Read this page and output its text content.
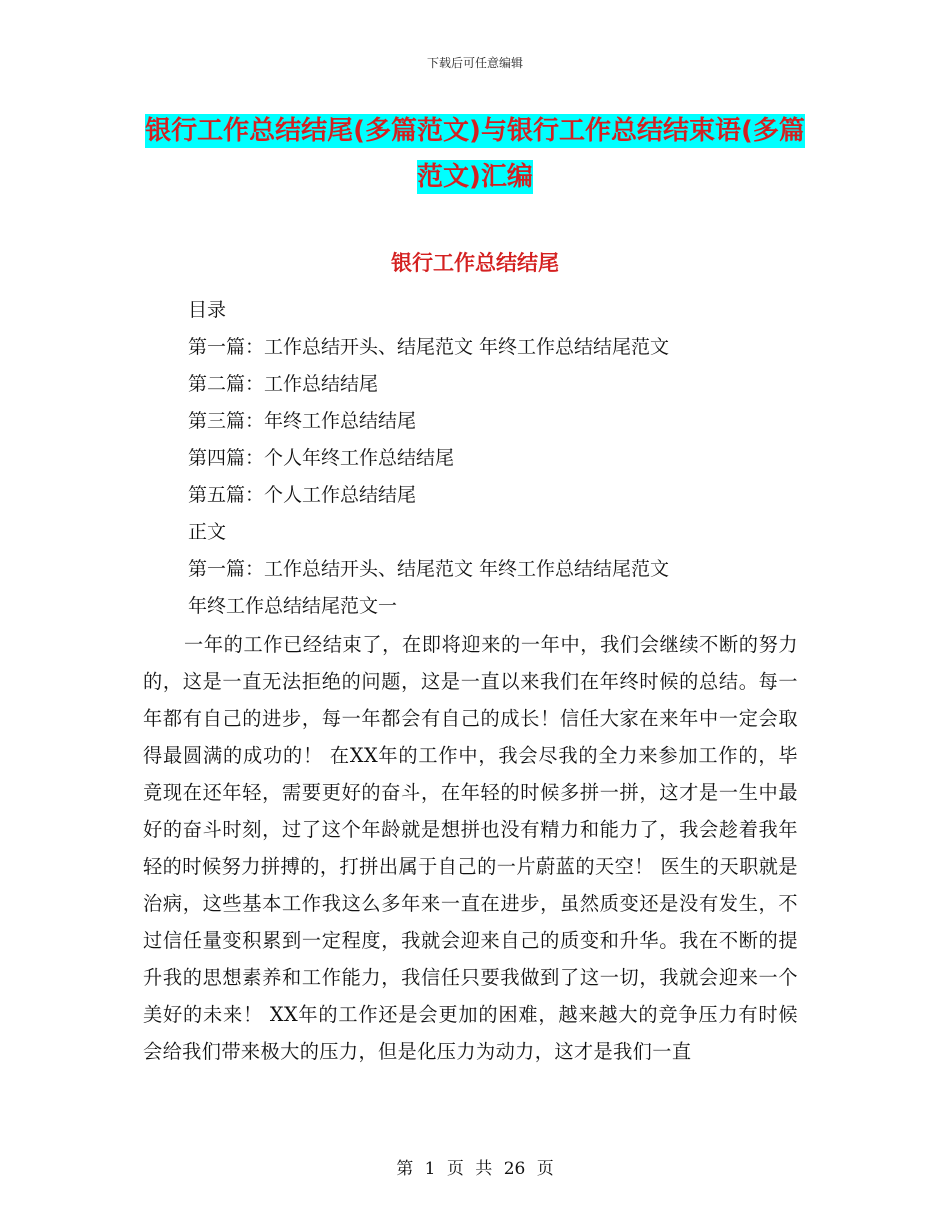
下载后可任意编辑
银行工作总结结尾(多篇范文)与银行工作总结结束语(多篇范文)汇编
银行工作总结结尾
目录
第一篇：工作总结开头、结尾范文 年终工作总结结尾范文
第二篇：工作总结结尾
第三篇：年终工作总结结尾
第四篇：个人年终工作总结结尾
第五篇：个人工作总结结尾
正文
第一篇：工作总结开头、结尾范文 年终工作总结结尾范文
年终工作总结结尾范文一

一年的工作已经结束了，在即将迎来的一年中，我们会继续不断的努力的，这是一直无法拒绝的问题，这是一直以来我们在年终时候的总结。每一年都有自己的进步，每一年都会有自己的成长！信任大家在来年中一定会取得最圆满的成功的！ 在XX年的工作中，我会尽我的全力来参加工作的，毕竟现在还年轻，需要更好的奋斗，在年轻的时候多拼一拼，这才是一生中最好的奋斗时刻，过了这个年龄就是想拼也没有精力和能力了，我会趁着我年轻的时候努力拼搏的，打拼出属于自己的一片蔚蓝的天空！ 医生的天职就是治病，这些基本工作我这么多年来一直在进步，虽然质变还是没有发生，不过信任量变积累到一定程度，我就会迎来自己的质变和升华。我在不断的提升我的思想素养和工作能力，我信任只要我做到了这一切，我就会迎来一个美好的未来！ XX年的工作还是会更加的困难，越来越大的竞争压力有时候会给我们带来极大的压力，但是化压力为动力，这才是我们一直

第 1 页 共 26 页
